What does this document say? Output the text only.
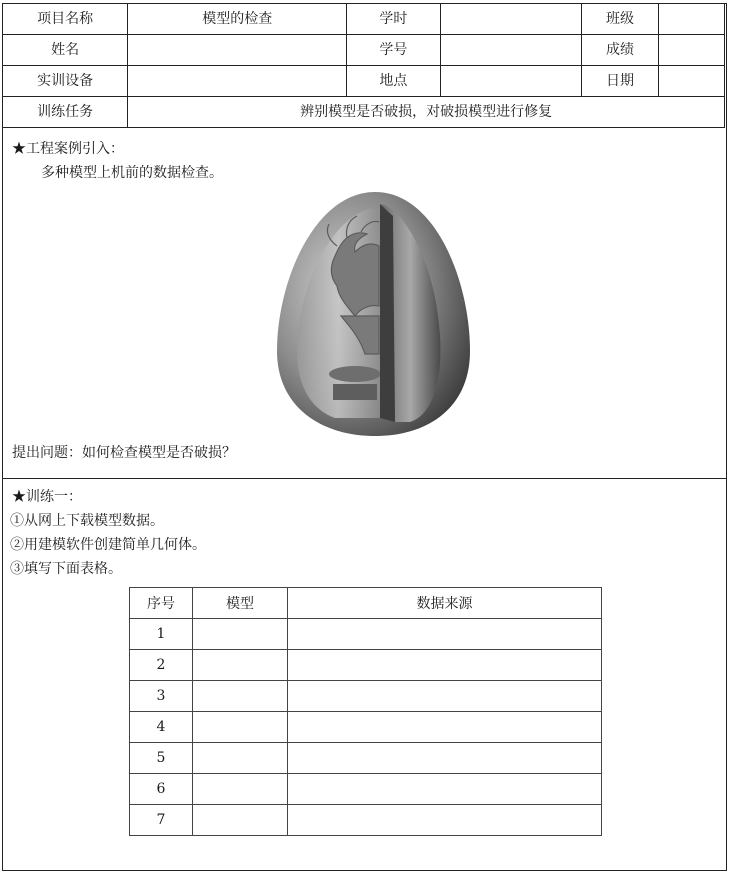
项目名称	模型的检查	学时		班级	
姓名		学号		成绩	
实训设备		地点		日期	
训练任务	辨别模型是否破损，对破损模型进行修复				
★工程案例引入：
多种模型上机前的数据检查。
提出问题：如何检查模型是否破损？
★训练一：
①从网上下载模型数据。
②用建模软件创建简单几何体。
③填写下面表格。
序号	模型	数据来源
1		
2		
3		
4		
5		
6		
7		
